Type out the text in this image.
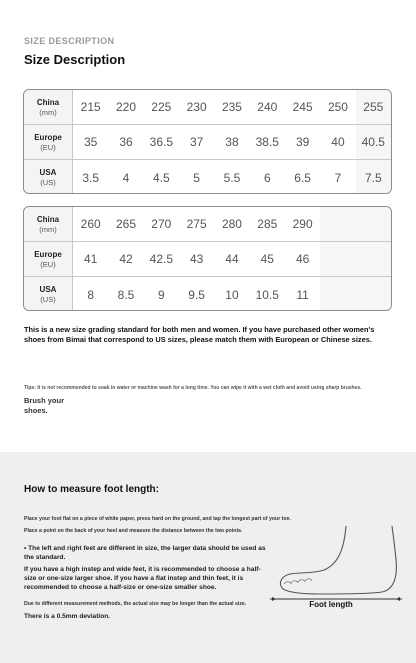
SIZE DESCRIPTION
Size Description
China
(mm)	215	220	225	230	235	240	245	250	255
Europe
(EU)	35	36	36.5	37	38	38.5	39	40	40.5
USA
(US)	3.5	4	4.5	5	5.5	6	6.5	7	7.5
China
(mm)	260	265	270	275	280	285	290
Europe
(EU)	41	42	42.5	43	44	45	46
USA
(US)	8	8.5	9	9.5	10	10.5	11

This is a new size grading standard for both men and women. If you have purchased other women's shoes from Bimai that correspond to US sizes, please match them with European or Chinese sizes.

Tips: It is not recommended to soak in water or machine wash for a long time. You can wipe it with a wet cloth and avoid using sharp brushes.

Brush your shoes.

How to measure foot length:

Place your foot flat on a piece of white paper, press hard on the ground, and tap the longest part of your toe.

Place a point on the back of your heel and measure the distance between the two points.

• The left and right feet are different in size, the larger data should be used as the standard.

If you have a high instep and wide feet, it is recommended to choose a half-size or one-size larger shoe. If you have a flat instep and thin feet, it is recommended to choose a half-size or one-size smaller shoe.

Due to different measurement methods, the actual size may be longer than the actual size.

There is a 0.5mm deviation.

Foot length
